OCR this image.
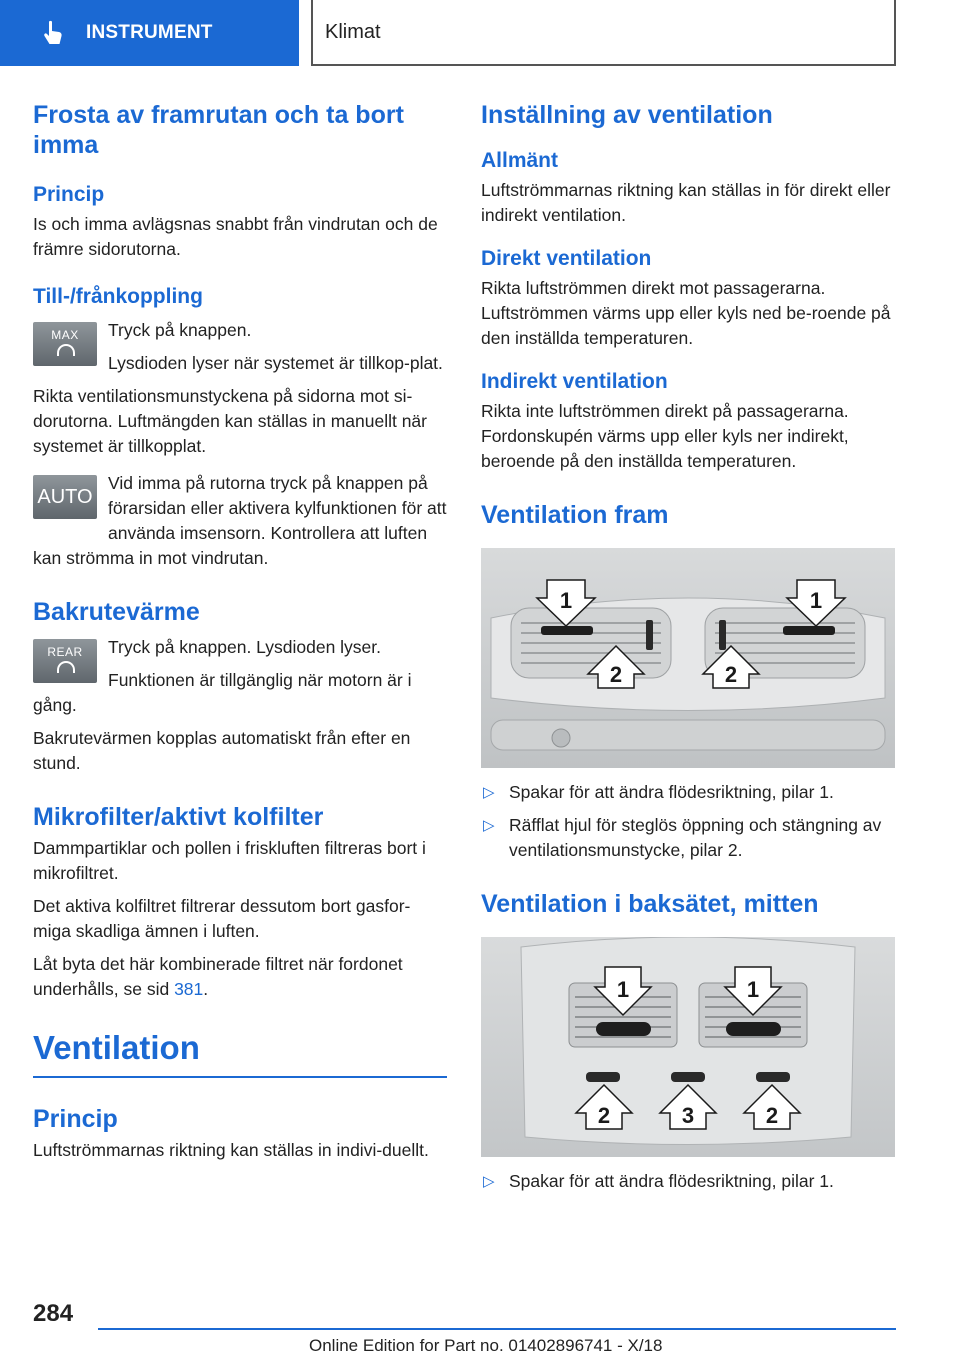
INSTRUMENT	Klimat
Frosta av framrutan och ta bort imma
Princip

Is och imma avlägsnas snabbt från vindrutan och de främre sidorutorna.

Till-/frånkoppling
MAX	Tryck på knappen.

Lysdioden lyser när systemet är tillkop-plat.

Rikta ventilationsmunstyckena på sidorna mot si-dorutorna. Luftmängden kan ställas in manuellt när systemet är tillkopplat.

AUTO

Vid imma på rutorna tryck på knappen på förarsidan eller aktivera kylfunktionen för att använda imsensorn. Kontrollera att luften kan strömma in mot vindrutan.

Bakrutevärme
REAR	Tryck på knappen. Lysdioden lyser.

Funktionen är tillgänglig när motorn är i gång.

Bakrutevärmen kopplas automatiskt från efter en stund.

Mikrofilter/aktivt kolfilter

Dammpartiklar och pollen i friskluften filtreras bort i mikrofiltret.

Det aktiva kolfiltret filtrerar dessutom bort gasfor-miga skadliga ämnen i luften.

Låt byta det här kombinerade filtret när fordonet underhålls, se sid 381.

Ventilation
Princip

Luftströmmarnas riktning kan ställas in indivi-duellt.

Inställning av ventilation
Allmänt

Luftströmmarnas riktning kan ställas in för direkt eller indirekt ventilation.

Direkt ventilation

Rikta luftströmmen direkt mot passagerarna. Luftströmmen värms upp eller kyls ned be-roende på den inställda temperaturen.

Indirekt ventilation

Rikta inte luftströmmen direkt på passagerarna. Fordonskupén värms upp eller kyls ner indirekt, beroende på den inställda temperaturen.

Ventilation fram
1	1
2	2
▷ Spakar för att ändra flödesriktning, pilar 1.
▷ Räfflat hjul för steglös öppning och stängning av ventilationsmunstycke, pilar 2.
Ventilation i baksätet, mitten
1	1
2	3	2
▷ Spakar för att ändra flödesriktning, pilar 1.
284
Online Edition for Part no. 01402896741 - X/18
